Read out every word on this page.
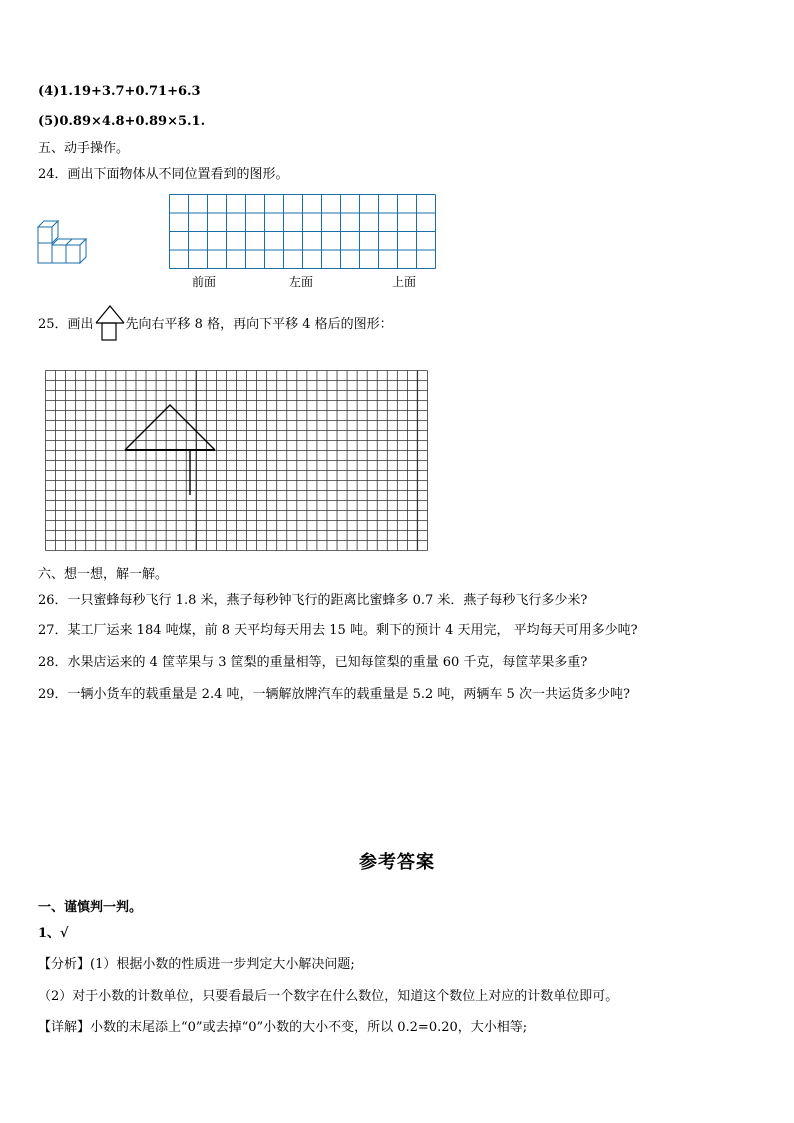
(4)1.19+3.7+0.71+6.3
(5)0.89×4.8+0.89×5.1.
五、动手操作。
24．画出下面物体从不同位置看到的图形。
前面	左面	上面
25．画出 先向右平移 8 格，再向下平移 4 格后的图形：
六、想一想，解一解。
26．一只蜜蜂每秒飞行 1.8 米，燕子每秒钟飞行的距离比蜜蜂多 0.7 米．燕子每秒飞行多少米?
27．某工厂运来 184 吨煤，前 8 天平均每天用去 15 吨。剩下的预计 4 天用完， 平均每天可用多少吨?
28．水果店运来的 4 筐苹果与 3 筐梨的重量相等，已知每筐梨的重量 60 千克，每筐苹果多重?
29．一辆小货车的载重量是 2.4 吨，一辆解放牌汽车的载重量是 5.2 吨，两辆车 5 次一共运货多少吨?
参考答案
一、谨慎判一判。
1、√
【分析】(1）根据小数的性质进一步判定大小解决问题;
（2）对于小数的计数单位，只要看最后一个数字在什么数位，知道这个数位上对应的计数单位即可。
【详解】小数的末尾添上“0”或去掉“0”小数的大小不变，所以 0.2=0.20，大小相等;
